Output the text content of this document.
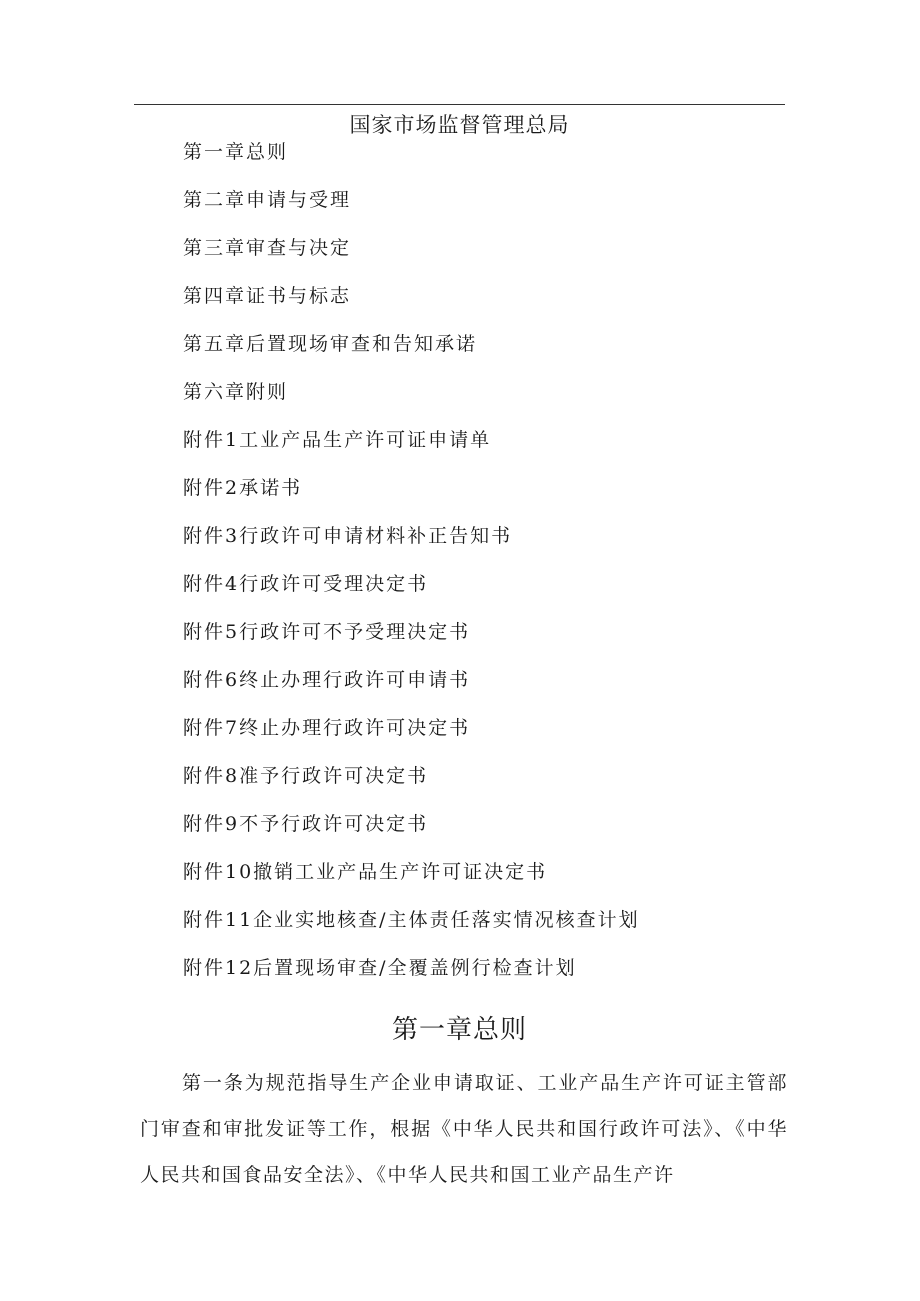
国家市场监督管理总局
第一章总则
第二章申请与受理
第三章审查与决定
第四章证书与标志
第五章后置现场审查和告知承诺
第六章附则
附件1工业产品生产许可证申请单
附件2承诺书
附件3行政许可申请材料补正告知书
附件4行政许可受理决定书
附件5行政许可不予受理决定书
附件6终止办理行政许可申请书
附件7终止办理行政许可决定书
附件8准予行政许可决定书
附件9不予行政许可决定书
附件10撤销工业产品生产许可证决定书
附件11企业实地核查/主体责任落实情况核查计划
附件12后置现场审查/全覆盖例行检查计划
第一章总则

第一条为规范指导生产企业申请取证、工业产品生产许可证主管部门审查和审批发证等工作，根据《中华人民共和国行政许可法》、《中华人民共和国食品安全法》、《中华人民共和国工业产品生产许
